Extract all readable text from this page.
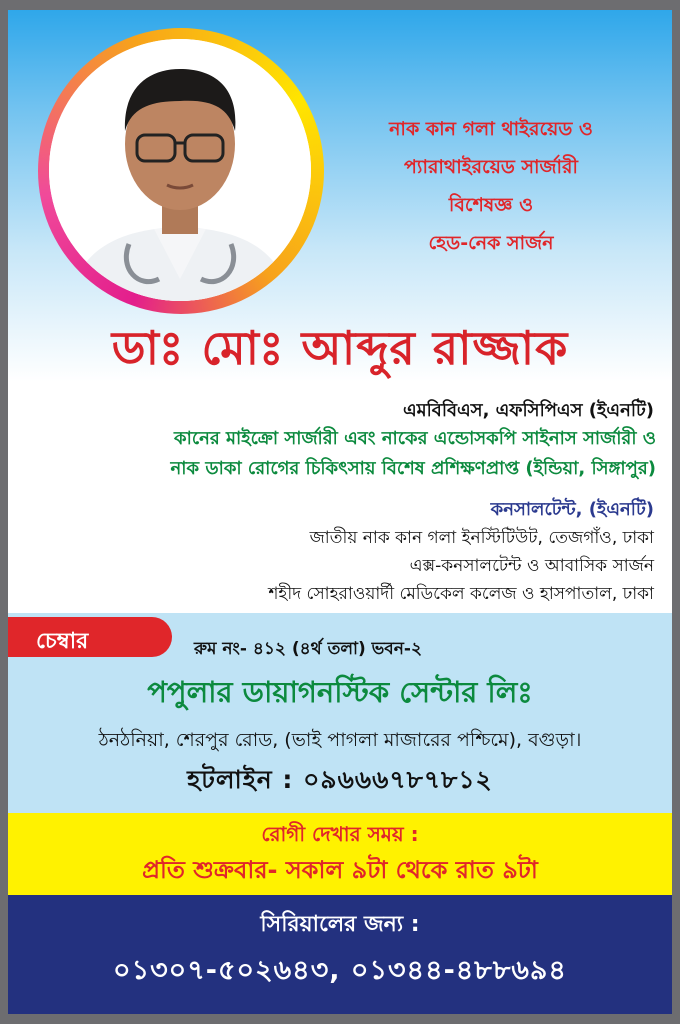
নাক কান গলা থাইরয়েড ও
প্যারাথাইরয়েড সার্জারী
বিশেষজ্ঞ ও
হেড-নেক সার্জন
ডাঃ মোঃ আব্দুর রাজ্জাক
এমবিবিএস, এফসিপিএস (ইএনটি)
কানের মাইক্রো সার্জারী এবং নাকের এন্ডোসকপি সাইনাস সার্জারী ও
নাক ডাকা রোগের চিকিৎসায় বিশেষ প্রশিক্ষণপ্রাপ্ত (ইন্ডিয়া, সিঙ্গাপুর)
কনসালটেন্ট, (ইএনটি)
জাতীয় নাক কান গলা ইনস্টিটিউট, তেজগাঁও, ঢাকা
এক্স-কনসালটেন্ট ও আবাসিক সার্জন
শহীদ সোহরাওয়ার্দী মেডিকেল কলেজ ও হাসপাতাল, ঢাকা
চেম্বার	রুম নং- ৪১২ (৪র্থ তলা) ভবন-২
পপুলার ডায়াগনস্টিক সেন্টার লিঃ
ঠনঠনিয়া, শেরপুর রোড, (ভাই পাগলা মাজারের পশ্চিমে), বগুড়া।
হটলাইন : ০৯৬৬৬৭৮৭৮১২
রোগী দেখার সময় :
প্রতি শুক্রবার- সকাল ৯টা থেকে রাত ৯টা
সিরিয়ালের জন্য :
০১৩০৭-৫০২৬৪৩, ০১৩৪৪-৪৮৮৬৯৪
